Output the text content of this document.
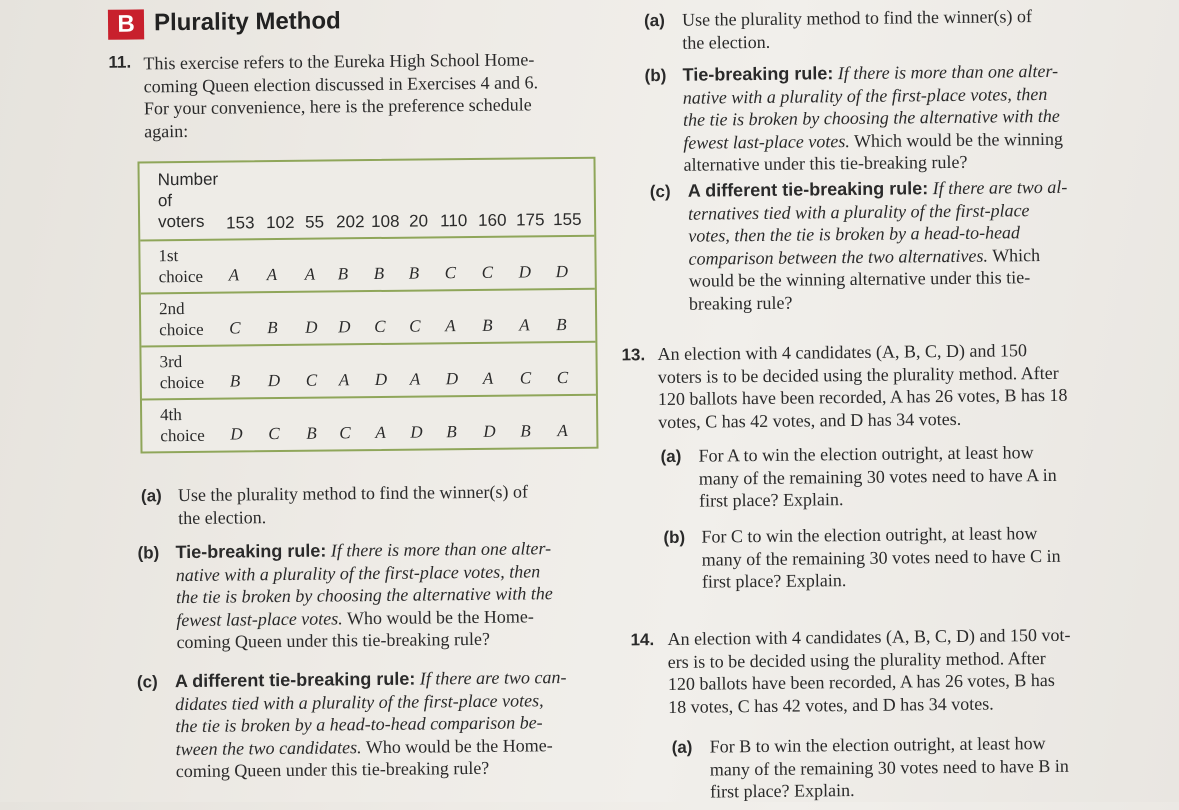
B Plurality Method
11. This exercise refers to the Eureka High School Home-
coming Queen election discussed in Exercises 4 and 6.
For your convenience, here is the preference schedule
again:
Number
of
voters	153 102 55 202 108 20 110 160 175 155
1st
choice A A A B B B C C D D
2nd
choice C B D D C C A B A B
3rd
choice B D C A D A D A C C
4th
choice D C B C A D B D B A
(a) Use the plurality method to find the winner(s) of
the election.
(b) Tie-breaking rule: If there is more than one alter-
native with a plurality of the first-place votes, then
the tie is broken by choosing the alternative with the
fewest last-place votes. Who would be the Home-
coming Queen under this tie-breaking rule?
(c) A different tie-breaking rule: If there are two can-
didates tied with a plurality of the first-place votes,
the tie is broken by a head-to-head comparison be-
tween the two candidates. Who would be the Home-
coming Queen under this tie-breaking rule?
(a) Use the plurality method to find the winner(s) of
the election.
(b) Tie-breaking rule: If there is more than one alter-
native with a plurality of the first-place votes, then
the tie is broken by choosing the alternative with the
fewest last-place votes. Which would be the winning
alternative under this tie-breaking rule?
(c) A different tie-breaking rule: If there are two al-
ternatives tied with a plurality of the first-place
votes, then the tie is broken by a head-to-head
comparison between the two alternatives. Which
would be the winning alternative under this tie-
breaking rule?
13. An election with 4 candidates (A, B, C, D) and 150
voters is to be decided using the plurality method. After
120 ballots have been recorded, A has 26 votes, B has 18
votes, C has 42 votes, and D has 34 votes.
(a) For A to win the election outright, at least how
many of the remaining 30 votes need to have A in
first place? Explain.
(b) For C to win the election outright, at least how
many of the remaining 30 votes need to have C in
first place? Explain.
14. An election with 4 candidates (A, B, C, D) and 150 vot-
ers is to be decided using the plurality method. After
120 ballots have been recorded, A has 26 votes, B has
18 votes, C has 42 votes, and D has 34 votes.
(a) For B to win the election outright, at least how
many of the remaining 30 votes need to have B in
first place? Explain.
